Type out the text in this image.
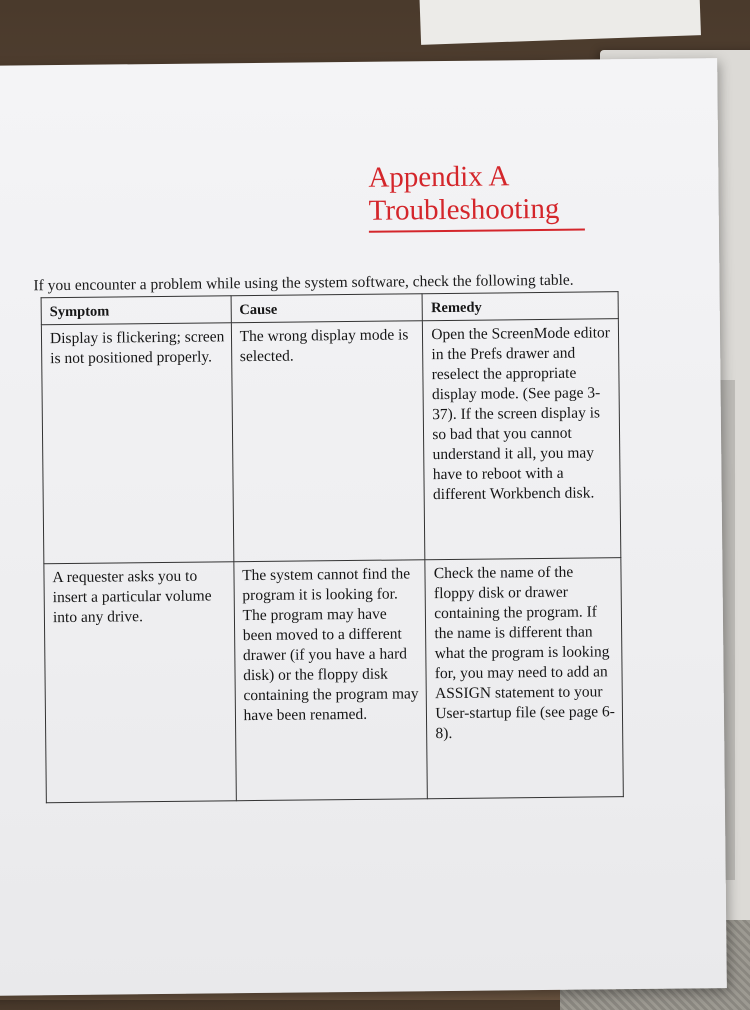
Appendix A
Troubleshooting
If you encounter a problem while using the system software, check the following table.
Symptom	Cause	Remedy
Display is flickering; screen is not positioned properly.	The wrong display mode is selected.	Open the ScreenMode editor in the Prefs drawer and reselect the appropriate display mode. (See page 3-37). If the screen display is so bad that you cannot understand it all, you may have to reboot with a different Workbench disk.
A requester asks you to insert a particular volume into any drive.	The system cannot find the program it is looking for. The program may have been moved to a different drawer (if you have a hard disk) or the floppy disk containing the program may have been renamed.	Check the name of the floppy disk or drawer containing the program. If the name is different than what the program is looking for, you may need to add an ASSIGN statement to your User-startup file (see page 6-8).
